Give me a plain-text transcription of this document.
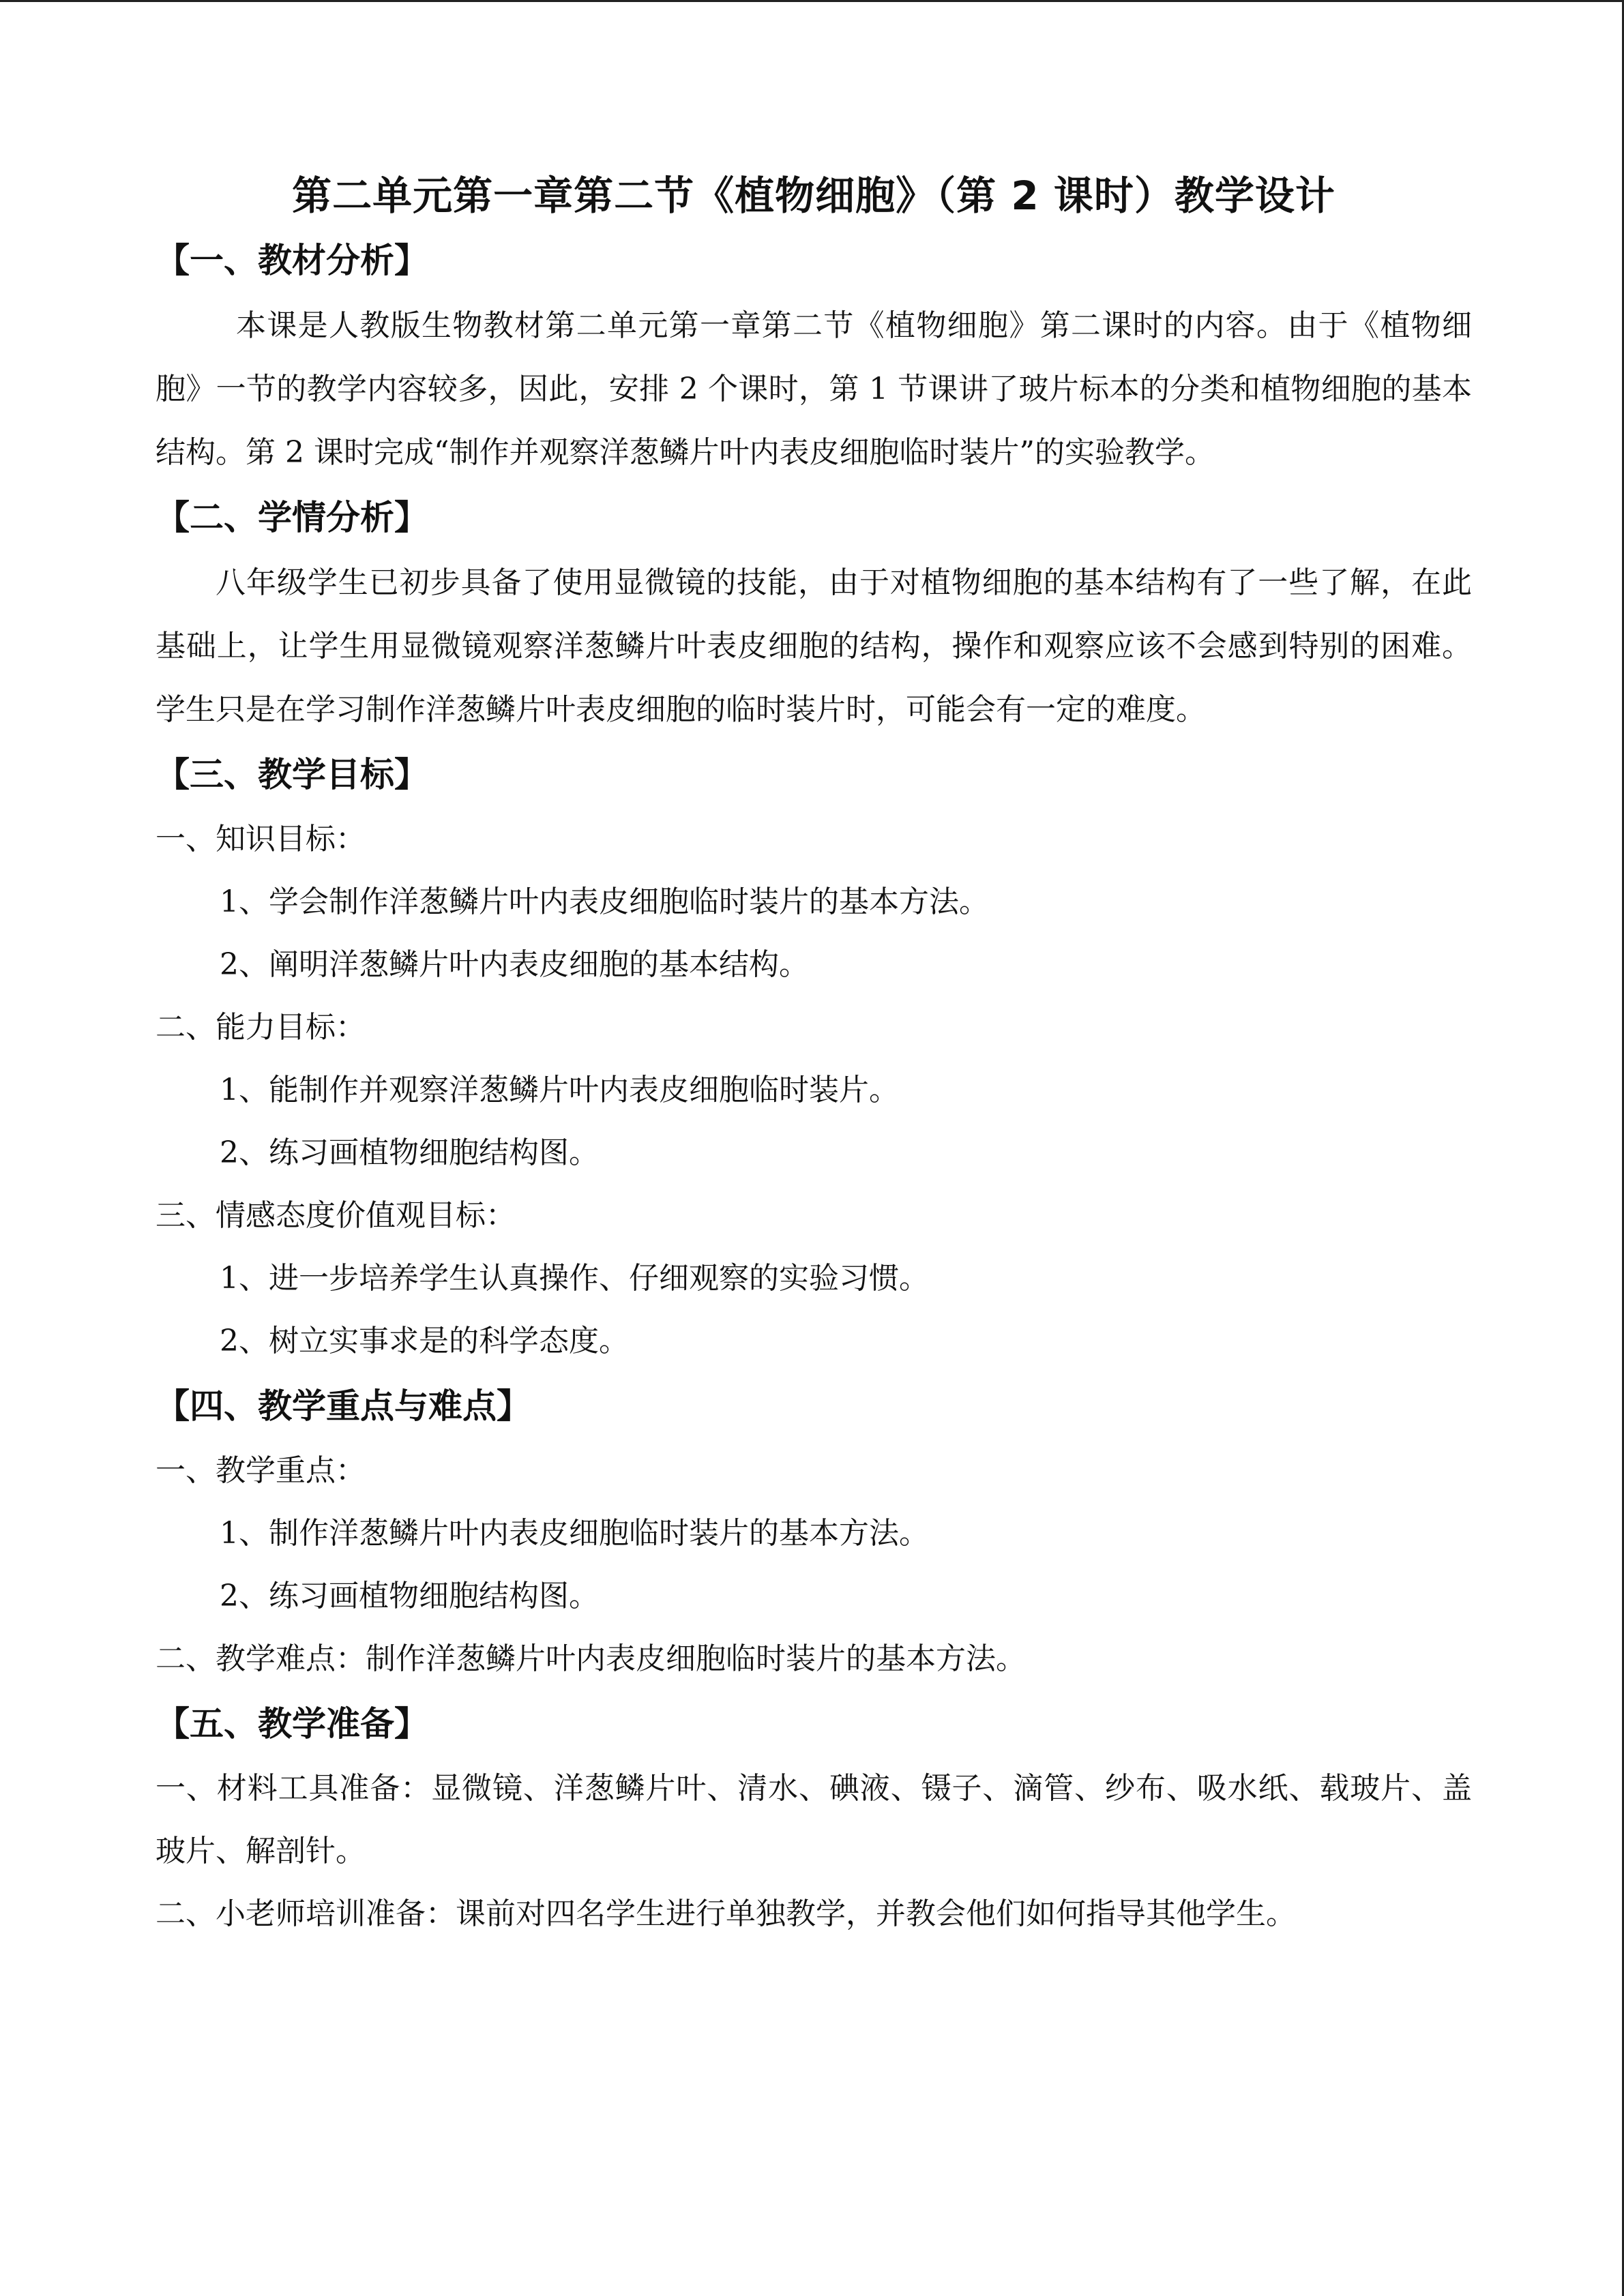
第二单元第一章第二节《植物细胞》（第 2 课时）教学设计
【一、教材分析】

本课是人教版生物教材第二单元第一章第二节《植物细胞》第二课时的内容。由于《植物细胞》一节的教学内容较多，因此，安排 2 个课时，第 1 节课讲了玻片标本的分类和植物细胞的基本结构。第 2 课时完成“制作并观察洋葱鳞片叶内表皮细胞临时装片”的实验教学。

【二、学情分析】

八年级学生已初步具备了使用显微镜的技能，由于对植物细胞的基本结构有了一些了解，在此基础上，让学生用显微镜观察洋葱鳞片叶表皮细胞的结构，操作和观察应该不会感到特别的困难。学生只是在学习制作洋葱鳞片叶表皮细胞的临时装片时，可能会有一定的难度。

【三、教学目标】

一、知识目标：

1、学会制作洋葱鳞片叶内表皮细胞临时装片的基本方法。

2、阐明洋葱鳞片叶内表皮细胞的基本结构。

二、能力目标：

1、能制作并观察洋葱鳞片叶内表皮细胞临时装片。

2、练习画植物细胞结构图。

三、情感态度价值观目标：

1、进一步培养学生认真操作、仔细观察的实验习惯。

2、树立实事求是的科学态度。

【四、教学重点与难点】

一、教学重点：

1、制作洋葱鳞片叶内表皮细胞临时装片的基本方法。

2、练习画植物细胞结构图。

二、教学难点：制作洋葱鳞片叶内表皮细胞临时装片的基本方法。

【五、教学准备】

一、材料工具准备：显微镜、洋葱鳞片叶、清水、碘液、镊子、滴管、纱布、吸水纸、载玻片、盖玻片、解剖针。

二、小老师培训准备：课前对四名学生进行单独教学，并教会他们如何指导其他学生。
